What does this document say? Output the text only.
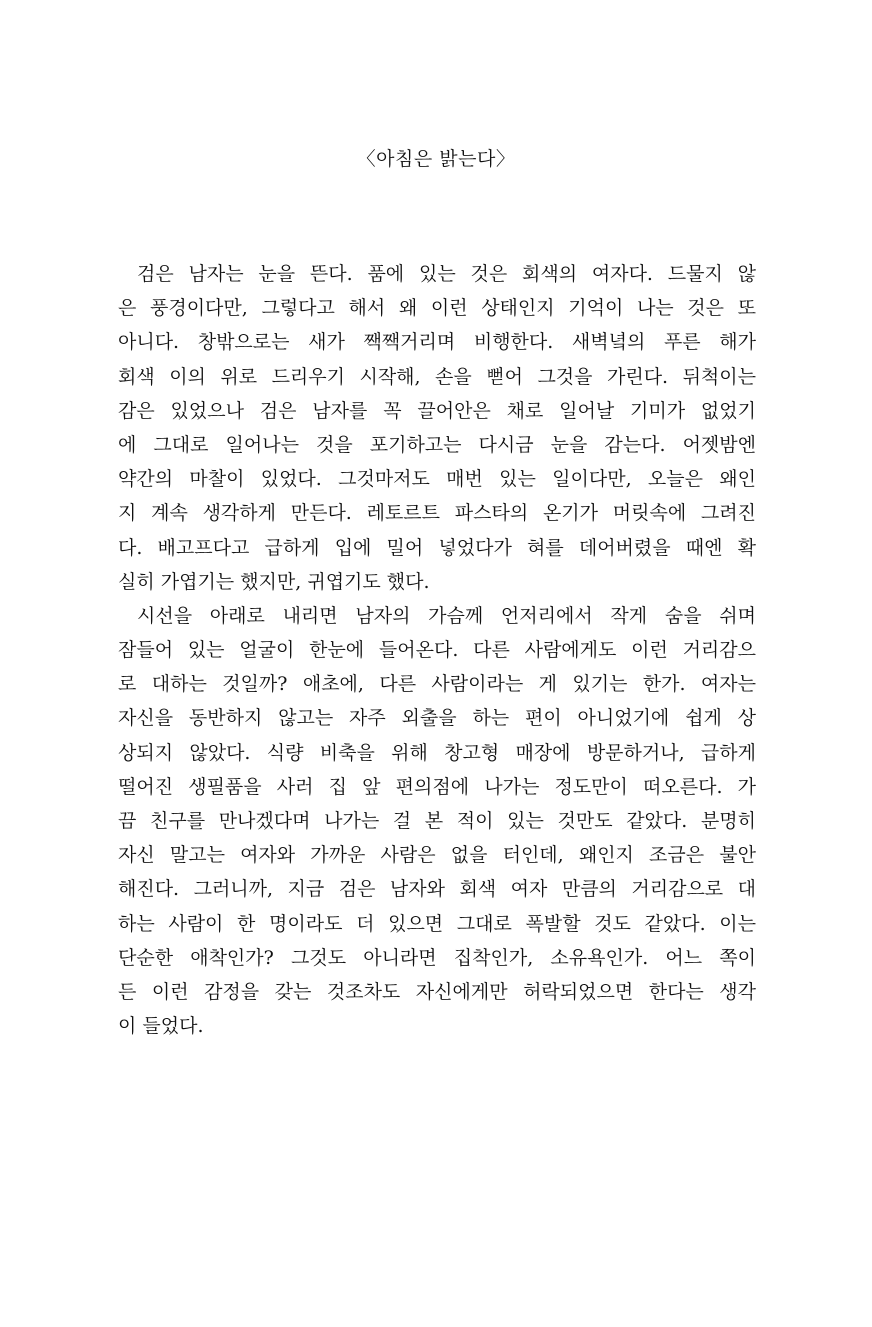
〈아침은 밝는다〉
검은 남자는 눈을 뜬다. 품에 있는 것은 회색의 여자다. 드물지 않
은 풍경이다만, 그렇다고 해서 왜 이런 상태인지 기억이 나는 것은 또
아니다. 창밖으로는 새가 짹짹거리며 비행한다. 새벽녘의 푸른 해가
회색 이의 위로 드리우기 시작해, 손을 뻗어 그것을 가린다. 뒤척이는
감은 있었으나 검은 남자를 꼭 끌어안은 채로 일어날 기미가 없었기
에 그대로 일어나는 것을 포기하고는 다시금 눈을 감는다. 어젯밤엔
약간의 마찰이 있었다. 그것마저도 매번 있는 일이다만, 오늘은 왜인
지 계속 생각하게 만든다. 레토르트 파스타의 온기가 머릿속에 그려진
다. 배고프다고 급하게 입에 밀어 넣었다가 혀를 데어버렸을 때엔 확
실히 가엽기는 했지만, 귀엽기도 했다.
시선을 아래로 내리면 남자의 가슴께 언저리에서 작게 숨을 쉬며
잠들어 있는 얼굴이 한눈에 들어온다. 다른 사람에게도 이런 거리감으
로 대하는 것일까? 애초에, 다른 사람이라는 게 있기는 한가. 여자는
자신을 동반하지 않고는 자주 외출을 하는 편이 아니었기에 쉽게 상
상되지 않았다. 식량 비축을 위해 창고형 매장에 방문하거나, 급하게
떨어진 생필품을 사러 집 앞 편의점에 나가는 정도만이 떠오른다. 가
끔 친구를 만나겠다며 나가는 걸 본 적이 있는 것만도 같았다. 분명히
자신 말고는 여자와 가까운 사람은 없을 터인데, 왜인지 조금은 불안
해진다. 그러니까, 지금 검은 남자와 회색 여자 만큼의 거리감으로 대
하는 사람이 한 명이라도 더 있으면 그대로 폭발할 것도 같았다. 이는
단순한 애착인가? 그것도 아니라면 집착인가, 소유욕인가. 어느 쪽이
든 이런 감정을 갖는 것조차도 자신에게만 허락되었으면 한다는 생각
이 들었다.
